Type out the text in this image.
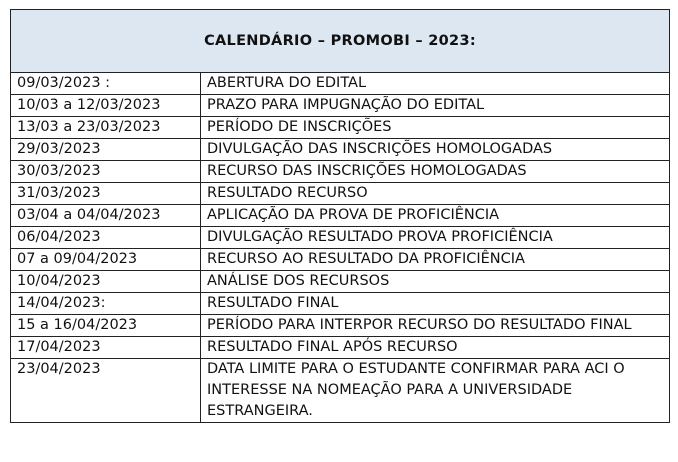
CALENDÁRIO – PROMOBI – 2023:	
09/03/2023 :	ABERTURA DO EDITAL
10/03 a 12/03/2023	PRAZO PARA IMPUGNAÇÃO DO EDITAL
13/03 a 23/03/2023	PERÍODO DE INSCRIÇÕES
29/03/2023	DIVULGAÇÃO DAS INSCRIÇÕES HOMOLOGADAS
30/03/2023	RECURSO DAS INSCRIÇÕES HOMOLOGADAS
31/03/2023	RESULTADO RECURSO
03/04 a 04/04/2023	APLICAÇÃO DA PROVA DE PROFICIÊNCIA
06/04/2023	DIVULGAÇÃO RESULTADO PROVA PROFICIÊNCIA
07 a 09/04/2023	RECURSO AO RESULTADO DA PROFICIÊNCIA
10/04/2023	ANÁLISE DOS RECURSOS
14/04/2023:	RESULTADO FINAL
15 a 16/04/2023	PERÍODO PARA INTERPOR RECURSO DO RESULTADO FINAL
17/04/2023	RESULTADO FINAL APÓS RECURSO
23/04/2023	DATA LIMITE PARA O ESTUDANTE CONFIRMAR PARA ACI O INTERESSE NA NOMEAÇÃO PARA A UNIVERSIDADE ESTRANGEIRA.
